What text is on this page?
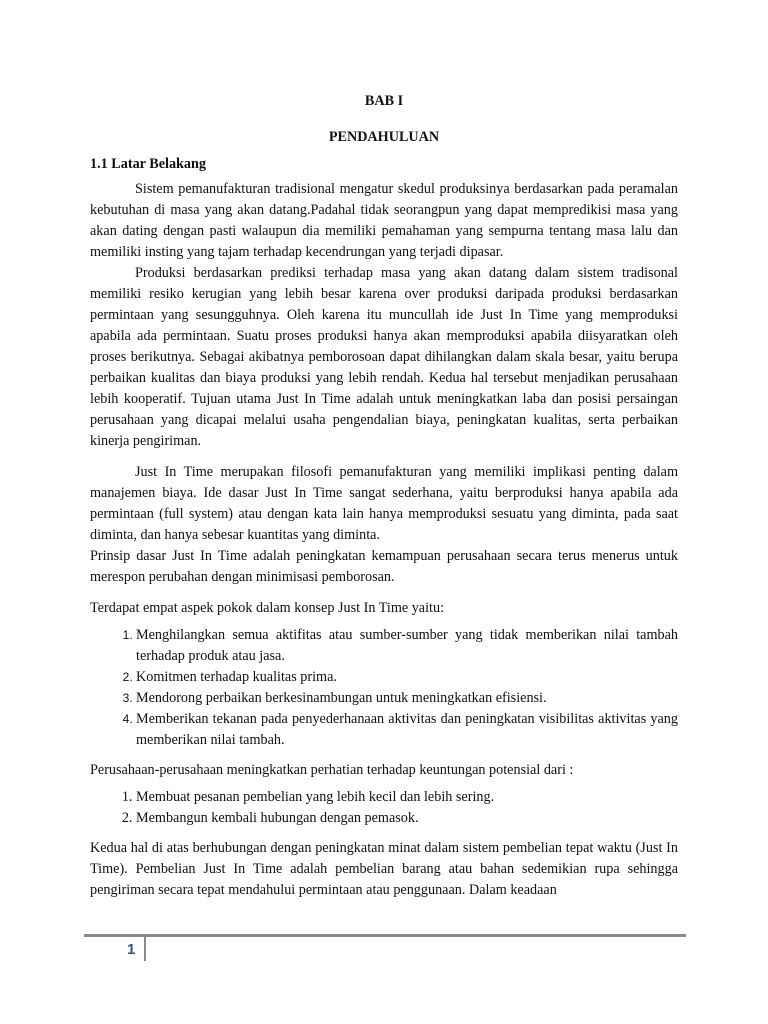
BAB I

PENDAHULUAN

1.1 Latar Belakang

Sistem pemanufakturan tradisional mengatur skedul produksinya berdasarkan pada peramalan kebutuhan di masa yang akan datang.Padahal tidak seorangpun yang dapat mempredikisi masa yang akan dating dengan pasti walaupun dia memiliki pemahaman yang sempurna tentang masa lalu dan memiliki insting yang tajam terhadap kecendrungan yang terjadi dipasar.

Produksi berdasarkan prediksi terhadap masa yang akan datang dalam sistem tradisonal memiliki resiko kerugian yang lebih besar karena over produksi daripada produksi berdasarkan permintaan yang sesungguhnya. Oleh karena itu muncullah ide Just In Time yang memproduksi apabila ada permintaan. Suatu proses produksi hanya akan memproduksi apabila diisyaratkan oleh proses berikutnya. Sebagai akibatnya pemborosoan dapat dihilangkan dalam skala besar, yaitu berupa perbaikan kualitas dan biaya produksi yang lebih rendah. Kedua hal tersebut menjadikan perusahaan lebih kooperatif. Tujuan utama Just In Time adalah untuk meningkatkan laba dan posisi persaingan perusahaan yang dicapai melalui usaha pengendalian biaya, peningkatan kualitas, serta perbaikan kinerja pengiriman.

Just In Time merupakan filosofi pemanufakturan yang memiliki implikasi penting dalam manajemen biaya. Ide dasar Just In Time sangat sederhana, yaitu berproduksi hanya apabila ada permintaan (full system) atau dengan kata lain hanya memproduksi sesuatu yang diminta, pada saat diminta, dan hanya sebesar kuantitas yang diminta.

Prinsip dasar Just In Time adalah peningkatan kemampuan perusahaan secara terus menerus untuk merespon perubahan dengan minimisasi pemborosan.

Terdapat empat aspek pokok dalam konsep Just In Time yaitu:

1. Menghilangkan semua aktifitas atau sumber-sumber yang tidak memberikan nilai tambah terhadap produk atau jasa.
2. Komitmen terhadap kualitas prima.
3. Mendorong perbaikan berkesinambungan untuk meningkatkan efisiensi.
4. Memberikan tekanan pada penyederhanaan aktivitas dan peningkatan visibilitas aktivitas yang memberikan nilai tambah.

Perusahaan-perusahaan meningkatkan perhatian terhadap keuntungan potensial dari :

1. Membuat pesanan pembelian yang lebih kecil dan lebih sering.
2. Membangun kembali hubungan dengan pemasok.

Kedua hal di atas berhubungan dengan peningkatan minat dalam sistem pembelian tepat waktu (Just In Time). Pembelian Just In Time adalah pembelian barang atau bahan sedemikian rupa sehingga pengiriman secara tepat mendahului permintaan atau penggunaan. Dalam keadaan

1
